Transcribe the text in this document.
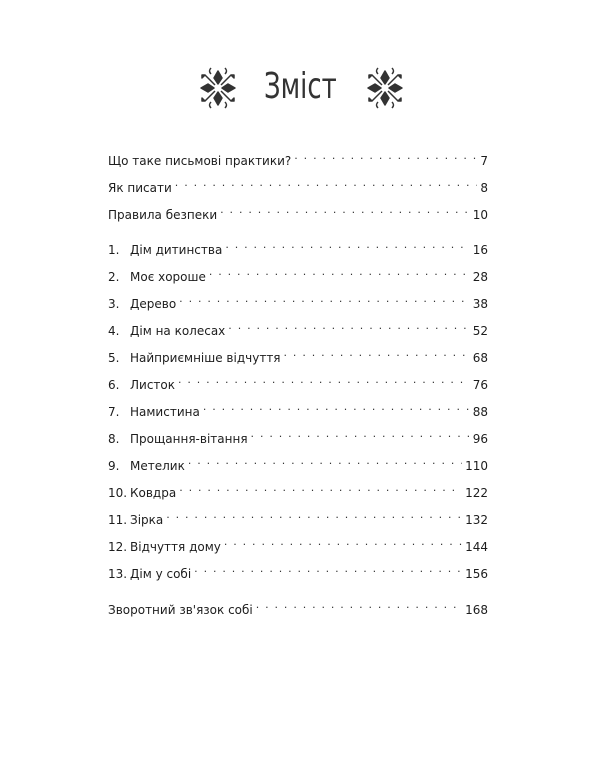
Зміст
Що таке письмові практики? . . .	7
Як писати . . .	8
Правила безпеки . . .	10
1. Дім дитинства . . .	16
2. Моє хороше . . .	28
3. Дерево . . .	38
4. Дім на колесах . . .	52
5. Найприємніше відчуття . . .	68
6. Листок . . .	76
7. Намистина . . .	88
8. Прощання-вітання . . .	96
9. Метелик . . .	110
10. Ковдра . . .	122
11. Зірка . . .	132
12. Відчуття дому . . .	144
13. Дім у собі . . .	156
Зворотний зв'язок собі . . .	168
